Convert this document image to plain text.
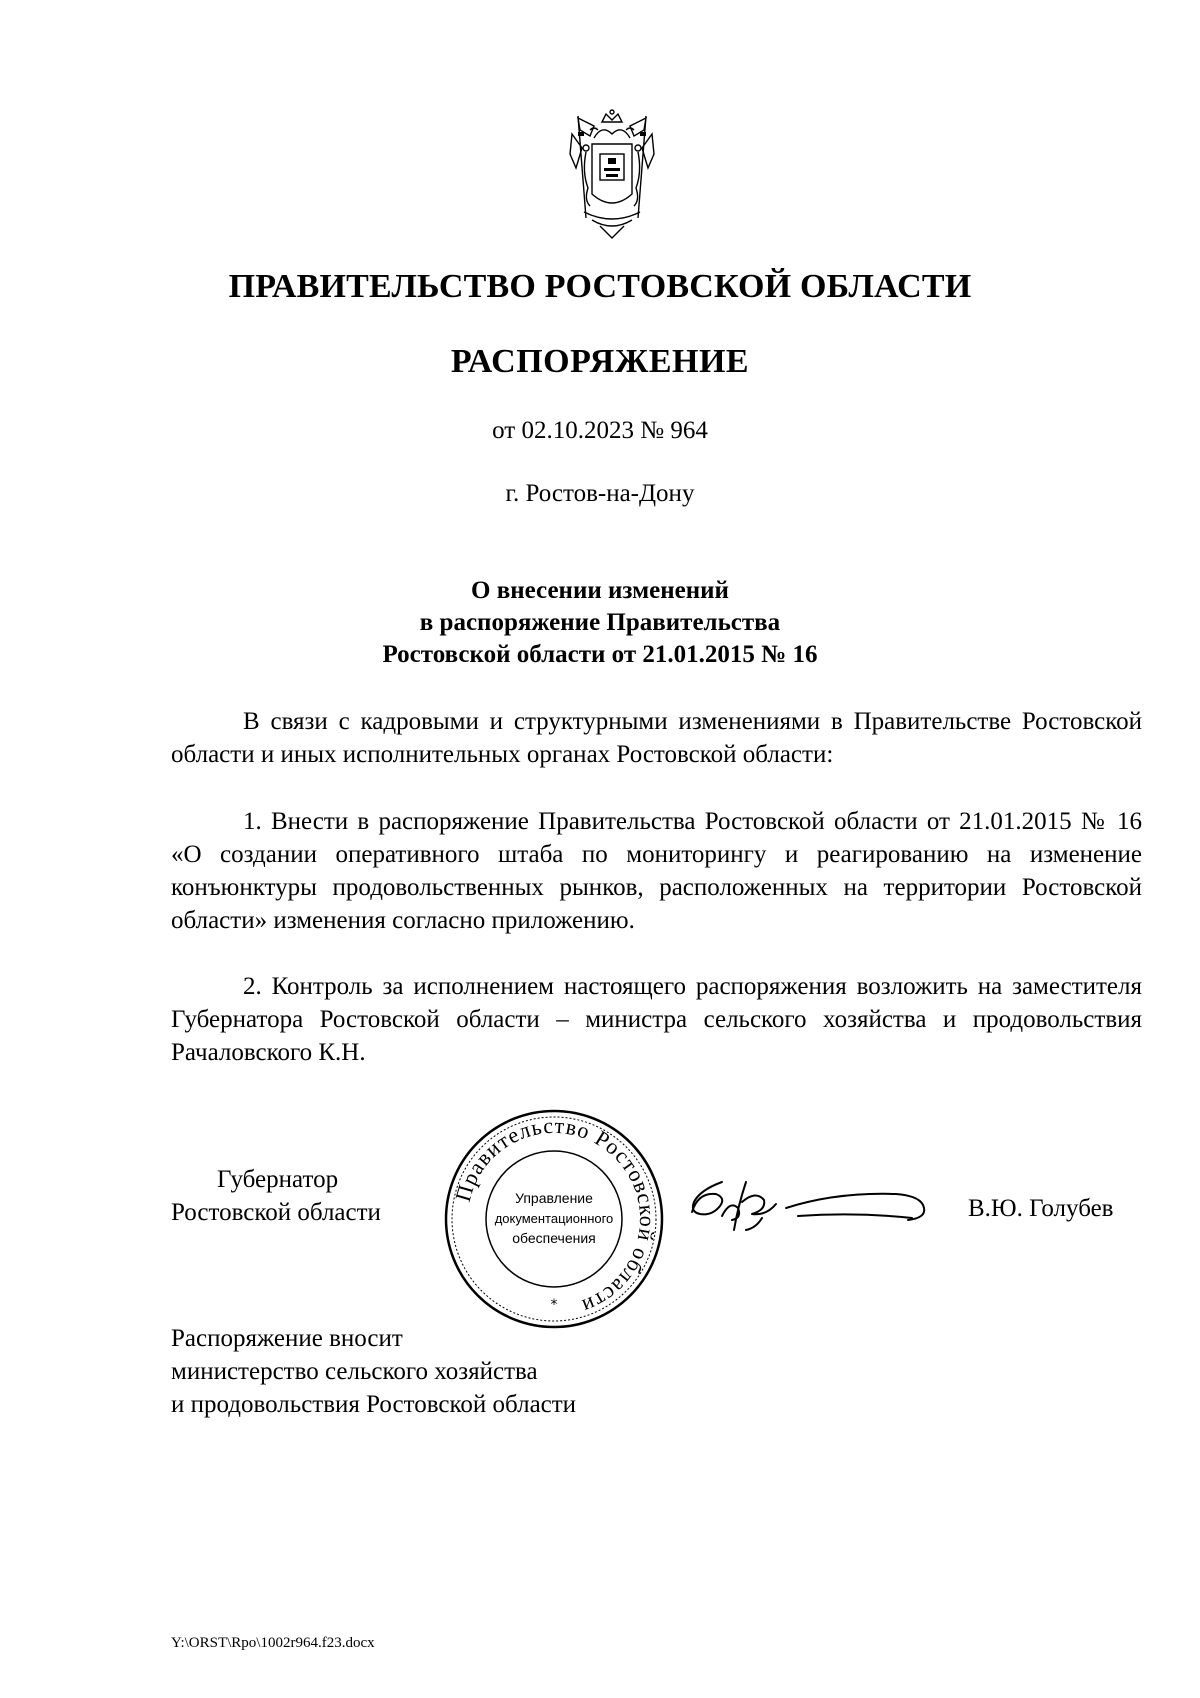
ПРАВИТЕЛЬСТВО РОСТОВСКОЙ ОБЛАСТИ
РАСПОРЯЖЕНИЕ
от 02.10.2023 № 964
г. Ростов-на-Дону
О внесении изменений
в распоряжение Правительства
Ростовской области от 21.01.2015 № 16

В связи с кадровыми и структурными изменениями в Правительстве Ростовской области и иных исполнительных органах Ростовской области:

1. Внести в распоряжение Правительства Ростовской области от 21.01.2015 № 16 «О создании оперативного штаба по мониторингу и реагированию на изменение конъюнктуры продовольственных рынков, расположенных на территории Ростовской области» изменения согласно приложению.

2. Контроль за исполнением настоящего распоряжения возложить на заместителя Губернатора Ростовской области – министра сельского хозяйства и продовольствия Рачаловского К.Н.

Губернатор
Ростовской области
Правительство Ростовской области
Управление
документационного
обеспечения
*
В.Ю. Голубев
Распоряжение вносит
министерство сельского хозяйства
и продовольствия Ростовской области
Y:\ORST\Rpo\1002r964.f23.docx
